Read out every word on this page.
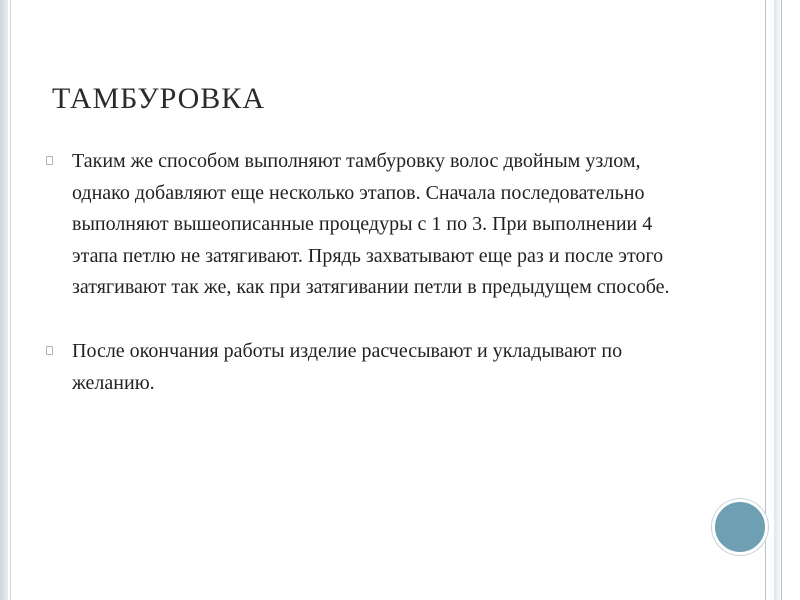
ТАМБУРОВКА
Таким же способом выполняют тамбуровку волос двойным узлом, однако добавляют еще несколько этапов. Сначала последовательно выполняют вышеописанные процедуры с 1 по 3. При выполнении 4 этапа петлю не затягивают. Прядь захватывают еще раз и после этого затягивают так же, как при затягивании петли в предыдущем способе.
После окончания работы изделие расчесывают и укладывают по желанию.
